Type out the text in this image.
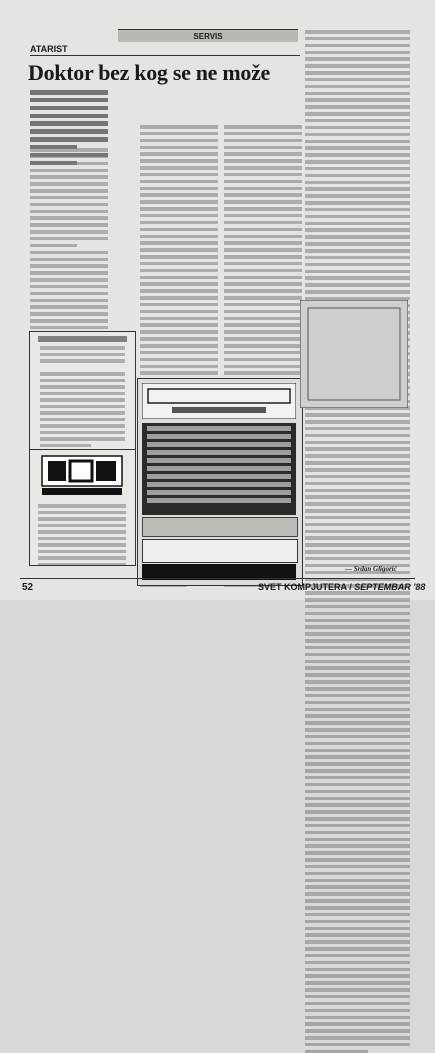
SERVIS
ATARIST
Doktor bez kog se ne može
— Srđan Gligorić
52	SVET KOMPJUTERA / SEPTEMBAR '88
